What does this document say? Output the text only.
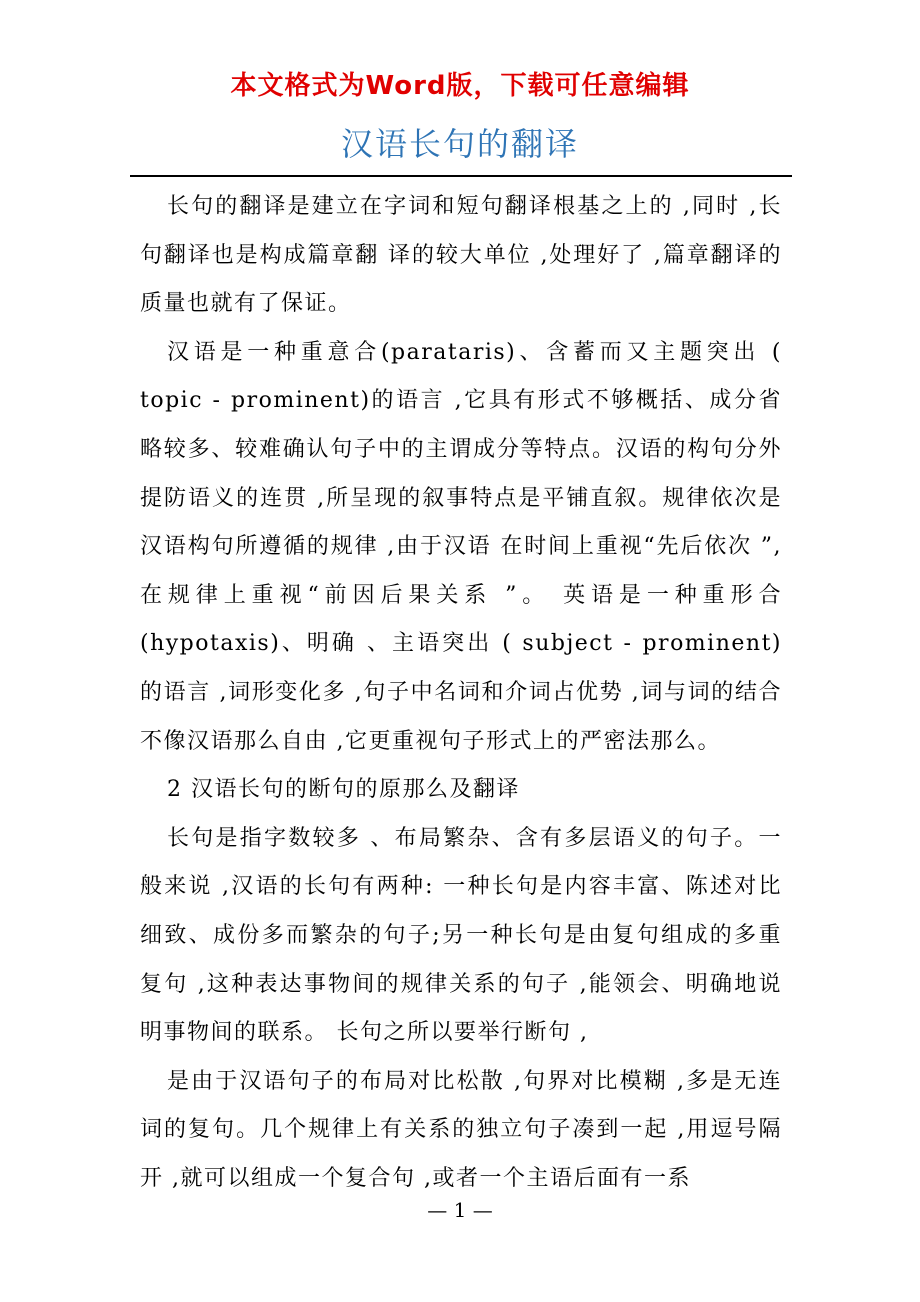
本文格式为Word版，下载可任意编辑
汉语长句的翻译

长句的翻译是建立在字词和短句翻译根基之上的 ,同时 ,长句翻译也是构成篇章翻 译的较大单位 ,处理好了 ,篇章翻译的质量也就有了保证。

汉语是一种重意合(parataris)、含蓄而又主题突出 ( topic - prominent)的语言 ,它具有形式不够概括、成分省略较多、较难确认句子中的主谓成分等特点。汉语的构句分外提防语义的连贯 ,所呈现的叙事特点是平铺直叙。规律依次是汉语构句所遵循的规律 ,由于汉语 在时间上重视“先后依次 ”,在规律上重视“前因后果关系 ”。 英语是一种重形合(hypotaxis)、明确 、主语突出 ( subject - prominent)的语言 ,词形变化多 ,句子中名词和介词占优势 ,词与词的结合不像汉语那么自由 ,它更重视句子形式上的严密法那么。

2 汉语长句的断句的原那么及翻译

长句是指字数较多 、布局繁杂、含有多层语义的句子。一般来说 ,汉语的长句有两种: 一种长句是内容丰富、陈述对比细致、成份多而繁杂的句子;另一种长句是由复句组成的多重复句 ,这种表达事物间的规律关系的句子 ,能领会、明确地说明事物间的联系。 长句之所以要举行断句 ,

是由于汉语句子的布局对比松散 ,句界对比模糊 ,多是无连词的复句。几个规律上有关系的独立句子凑到一起 ,用逗号隔开 ,就可以组成一个复合句 ,或者一个主语后面有一系

— 1 —
